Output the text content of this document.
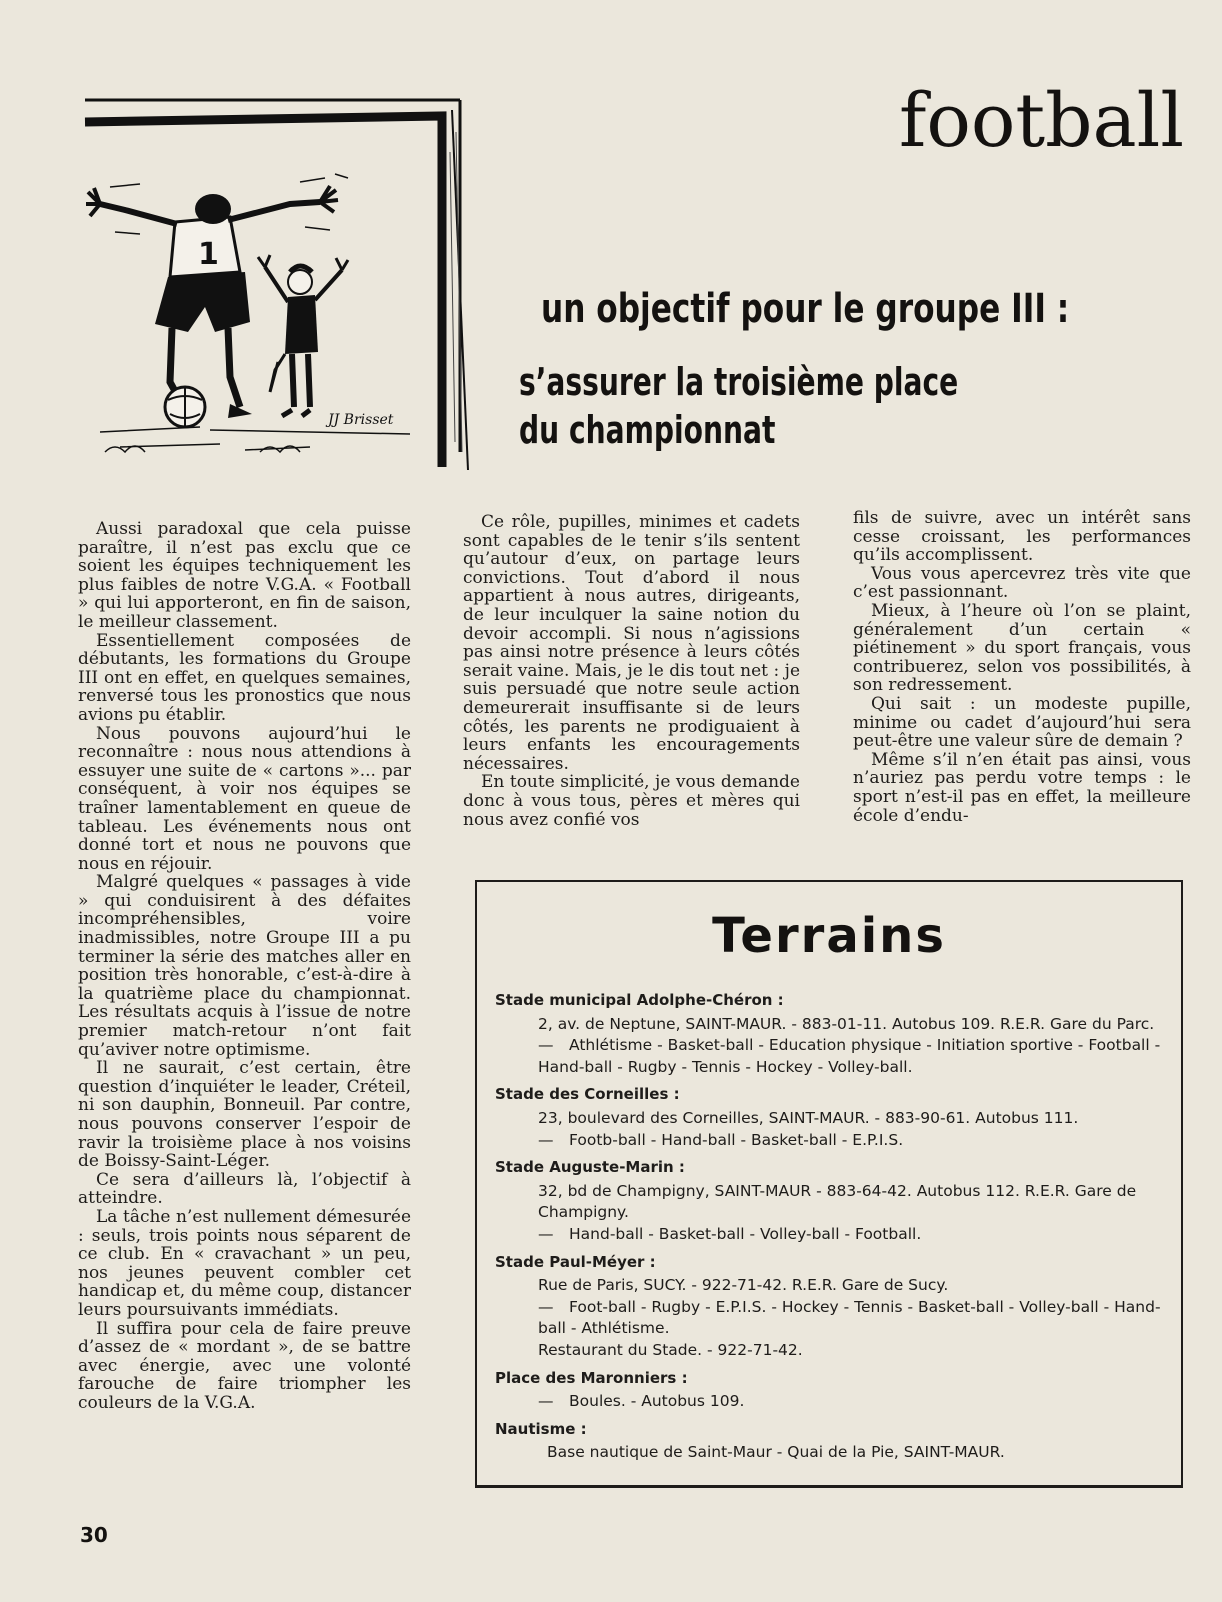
1
JJ Brisset
football
un objectif pour le groupe III :
s’assurer la troisième place
du championnat

Aussi paradoxal que cela puisse paraître, il n’est pas exclu que ce soient les équipes techniquement les plus faibles de notre V.G.A. « Football » qui lui apporteront, en fin de saison, le meilleur classement.

Essentiellement composées de débutants, les formations du Groupe III ont en effet, en quelques semaines, renversé tous les pronostics que nous avions pu établir.

Nous pouvons aujourd’hui le reconnaître : nous nous attendions à essuyer une suite de « cartons »... par conséquent, à voir nos équipes se traîner lamentablement en queue de tableau. Les événements nous ont donné tort et nous ne pouvons que nous en réjouir.

Malgré quelques « passages à vide » qui conduisirent à des défaites incompréhensibles, voire inadmissibles, notre Groupe III a pu terminer la série des matches aller en position très honorable, c’est-à-dire à la quatrième place du championnat. Les résultats acquis à l’issue de notre premier match-retour n’ont fait qu’aviver notre optimisme.

Il ne saurait, c’est certain, être question d’inquiéter le leader, Créteil, ni son dauphin, Bonneuil. Par contre, nous pouvons conserver l’espoir de ravir la troisième place à nos voisins de Boissy-Saint-Léger.

Ce sera d’ailleurs là, l’objectif à atteindre.

La tâche n’est nullement démesurée : seuls, trois points nous séparent de ce club. En « cravachant » un peu, nos jeunes peuvent combler cet handicap et, du même coup, distancer leurs poursuivants immédiats.

Il suffira pour cela de faire preuve d’assez de « mordant », de se battre avec énergie, avec une volonté farouche de faire triompher les couleurs de la V.G.A.

Ce rôle, pupilles, minimes et cadets sont capables de le tenir s’ils sentent qu’autour d’eux, on partage leurs convictions. Tout d’abord il nous appartient à nous autres, dirigeants, de leur inculquer la saine notion du devoir accompli. Si nous n’agissions pas ainsi notre présence à leurs côtés serait vaine. Mais, je le dis tout net : je suis persuadé que notre seule action demeurerait insuffisante si de leurs côtés, les parents ne prodiguaient à leurs enfants les encouragements nécessaires.

En toute simplicité, je vous demande donc à vous tous, pères et mères qui nous avez confié vos

fils de suivre, avec un intérêt sans cesse croissant, les performances qu’ils accomplissent.

Vous vous apercevrez très vite que c’est passionnant.

Mieux, à l’heure où l’on se plaint, généralement d’un certain « piétinement » du sport français, vous contribuerez, selon vos possibilités, à son redressement.

Qui sait : un modeste pupille, minime ou cadet d’aujourd’hui sera peut-être une valeur sûre de demain ?

Même s’il n’en était pas ainsi, vous n’auriez pas perdu votre temps : le sport n’est-il pas en effet, la meilleure école d’endu-

Terrains
Stade municipal Adolphe-Chéron :
2, av. de Neptune, SAINT-MAUR. - 883-01-11. Autobus 109. R.E.R. Gare du Parc.
— Athlétisme - Basket-ball - Education physique - Initiation sportive - Football - Hand-ball - Rugby - Tennis - Hockey - Volley-ball.
Stade des Corneilles :
23, boulevard des Corneilles, SAINT-MAUR. - 883-90-61. Autobus 111.
— Footb-ball - Hand-ball - Basket-ball - E.P.I.S.
Stade Auguste-Marin :
32, bd de Champigny, SAINT-MAUR - 883-64-42. Autobus 112. R.E.R. Gare de Champigny.
— Hand-ball - Basket-ball - Volley-ball - Football.
Stade Paul-Méyer :
Rue de Paris, SUCY. - 922-71-42. R.E.R. Gare de Sucy.
— Foot-ball - Rugby - E.P.I.S. - Hockey - Tennis - Basket-ball - Volley-ball - Hand-ball - Athlétisme.
Restaurant du Stade. - 922-71-42.
Place des Maronniers :
— Boules. - Autobus 109.
Nautisme :
Base nautique de Saint-Maur - Quai de la Pie, SAINT-MAUR.
30
